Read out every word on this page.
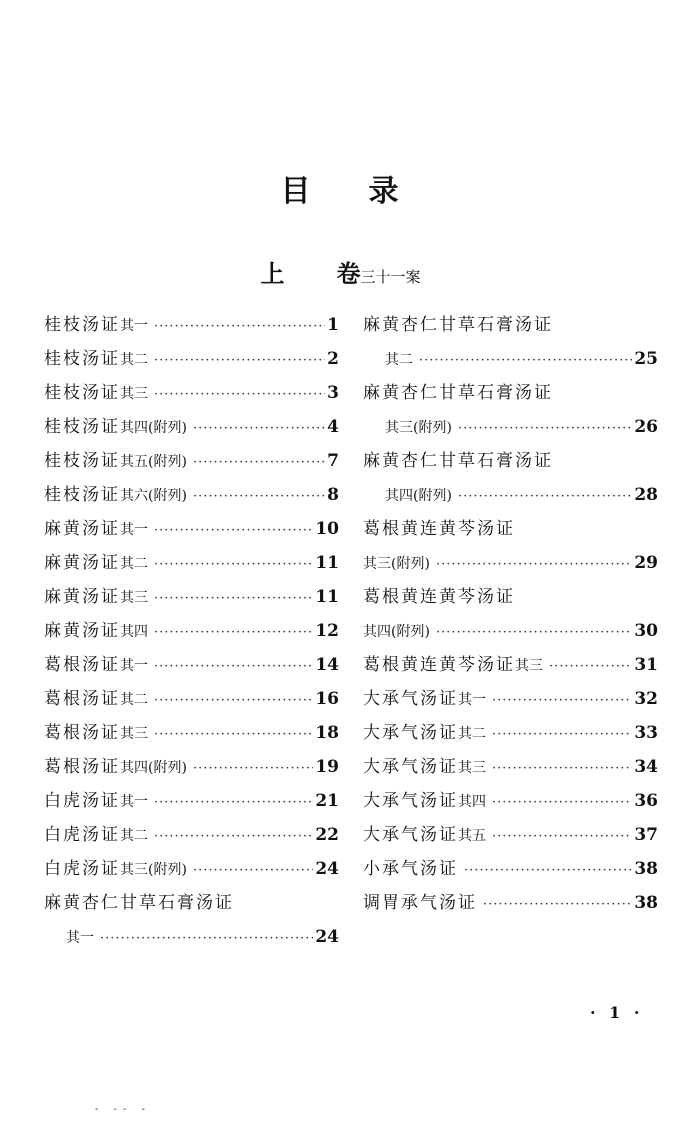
目 录
上 卷三十一案
桂枝汤证 其一 ·····	1
桂枝汤证 其二 ·····	2
桂枝汤证 其三 ·····	3
桂枝汤证 其四(附列) ·····	4
桂枝汤证 其五(附列) ·····	7
桂枝汤证 其六(附列) ·····	8
麻黄汤证 其一 ·····	10
麻黄汤证 其二 ·····	11
麻黄汤证 其三 ·····	11
麻黄汤证 其四 ·····	12
葛根汤证 其一 ·····	14
葛根汤证 其二 ·····	16
葛根汤证 其三 ·····	18
葛根汤证 其四(附列) ·····	19
白虎汤证 其一 ·····	21
白虎汤证 其二 ·····	22
白虎汤证 其三(附列) ·····	24
麻黄杏仁甘草石膏汤证
其一 ·····	24
麻黄杏仁甘草石膏汤证
其二 ·····	25
麻黄杏仁甘草石膏汤证
其三(附列) ·····	26
麻黄杏仁甘草石膏汤证
其四(附列) ·····	28
葛根黄连黄芩汤证
其三(附列) ·····	29
葛根黄连黄芩汤证
其四(附列) ·····	30
葛根黄连黄芩汤证 其三 ·····	31
大承气汤证 其一 ·····	32
大承气汤证 其二 ·····	33
大承气汤证 其三 ·····	34
大承气汤证 其四 ·····	36
大承气汤证 其五 ·····	37
小承气汤证 ·····	38
调胃承气汤证 ·····	38
· 1 ·
- -- -
